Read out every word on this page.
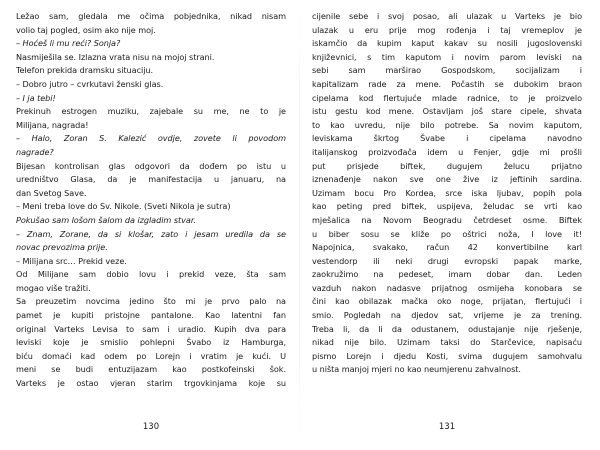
Ležao sam, gledala me očima pobjednika, nikad nisam
volio taj pogled, osim ako nije moj.
– Hoćeš li mu reći? Sonja?
Nasmiješila se. Izlazna vrata nisu na mojoj strani.
Telefon prekida dramsku situaciju.
– Dobro jutro – cvrkutavi ženski glas.
– I ja tebi!
Prekinuh estrogen muziku, zajebale su me, ne to je
Milijana, nagrada!
– Halo, Zoran S. Kalezić ovdje, zovete li povodom
nagrade?
Bijesan kontrolisan glas odgovori da dođem po istu u
uredništvo Glasa, da je manifestacija u januaru, na
dan Svetog Save.
– Meni treba love do Sv. Nikole. (Sveti Nikola je sutra)
Pokušao sam lošom šalom da izgladim stvar.
– Znam, Zorane, da si klošar, zato i jesam uredila da se
novac prevozima prije.
– Milijana src… Prekid veze.
Od Milijane sam dobio lovu i prekid veze, šta sam
mogao više tražiti.
Sa preuzetim novcima jedino što mi je prvo palo na
pamet je kupiti pristojne pantalone. Kao latentni fan
original Varteks Levisa to sam i uradio. Kupih dva para
leviski koje je smislio pohlepni Švabo iz Hamburga,
biću domaći kad odem po Lorejn i vratim je kući. U
meni se budi entuzijazam kao postkofeinski šok.
Varteks je ostao vjeran starim trgovkinjama koje su
130
cijenile sebe i svoj posao, ali ulazak u Varteks je bio
ulazak u eru prije mog rođenja i taj vremeplov je
iskamčio da kupim kaput kakav su nosili jugoslovenski
književnici, s tim kaputom i novim parom leviski na
sebi sam marširao Gospodskom, socijalizam i
kapitalizam rade za mene. Počastih se dubokim braon
cipelama kod flertujuće mlade radnice, to je proizvelo
istu gestu kod mene. Ostavljam još stare cipele, shvata
to kao uvredu, nije bilo potrebe. Sa novim kaputom,
leviskama škrtog Švabe i cipelama navodno
italijanskog proizvođača idem u Fenjer, gdje mi prošli
put prisjede biftek, dugujem želucu prijatno
iznenađenje nakon sve one živе iz jeftinih sardina.
Uzimam bocu Pro Kordea, srce iska ljubav, popih pola
kao peting pred biftek, uspijeva, želudac se vrti kao
mješalica na Novom Beogradu četrdeset osme. Biftek
u biber sosu se kliže po oštrici noža, I love it!
Napojnica, svakako, račun 42 konvertibilne karl
vestendorp ili neki drugi evropski papak marke,
zaokružimo na pedeset, imam dobar dan. Leden
vazduh nakon nadasve prijatnog osmijeha konobara se
čini kao obilazak mačka oko noge, prijatan, flertujući i
smio. Pogledah na djedov sat, vrijeme je za trening.
Treba li, da li da odustanem, odustajanje nije rješenje,
nikad nije bilo. Uzimam taksi do Starčevice, napisaću
pismo Lorejn i djedu Kosti, svima dugujem samohvalu
u ništa manjoj mjeri no kao neumjerenu zahvalnost.
131
